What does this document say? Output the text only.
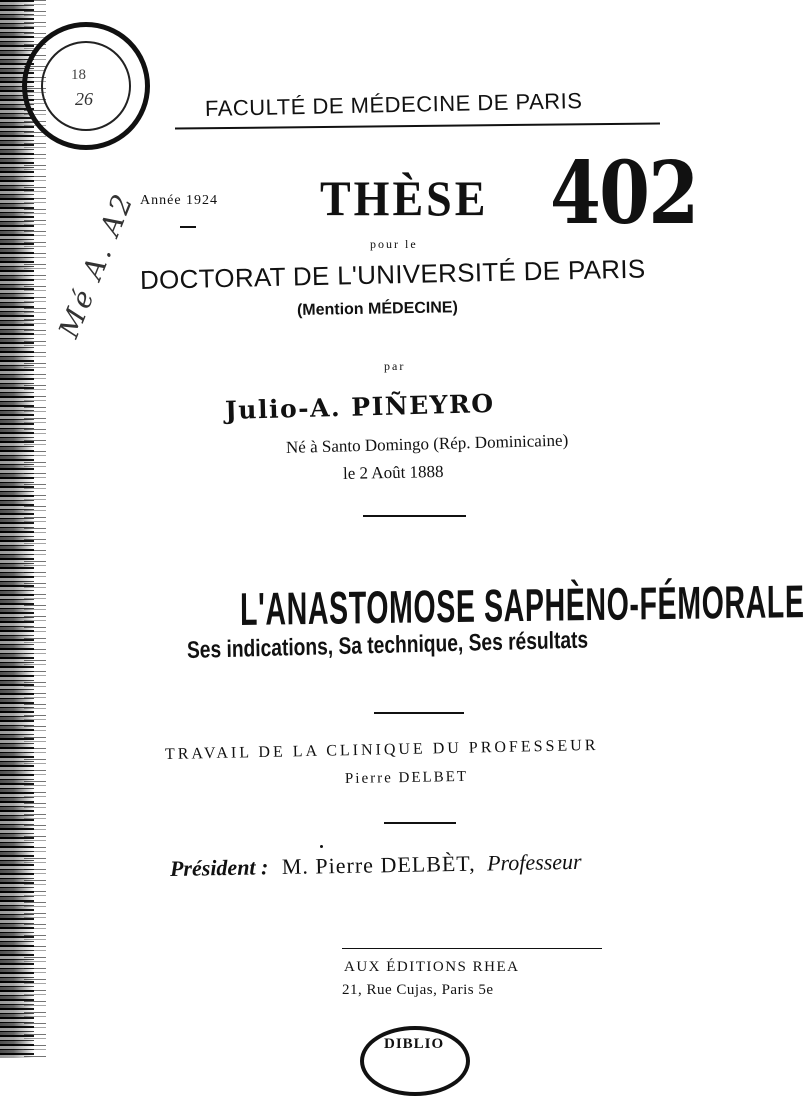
18
26
Mé A. A2
FACULTÉ DE MÉDECINE DE PARIS
Année 1924 THÈSE 402
pour le
DOCTORAT DE L'UNIVERSITÉ DE PARIS
(Mention MÉDECINE)
par
Julio-A. PIÑEYRO
Né à Santo Domingo (Rép. Dominicaine)
le 2 Août 1888
L'ANASTOMOSE SAPHÈNO-FÉMORALE
Ses indications, Sa technique, Ses résultats
TRAVAIL DE LA CLINIQUE DU PROFESSEUR
Pierre DELBET
Président : M. Pierre DELBÈT, Professeur
AUX ÉDITIONS RHEA
21, Rue Cujas, Paris 5e
DIBLIO
